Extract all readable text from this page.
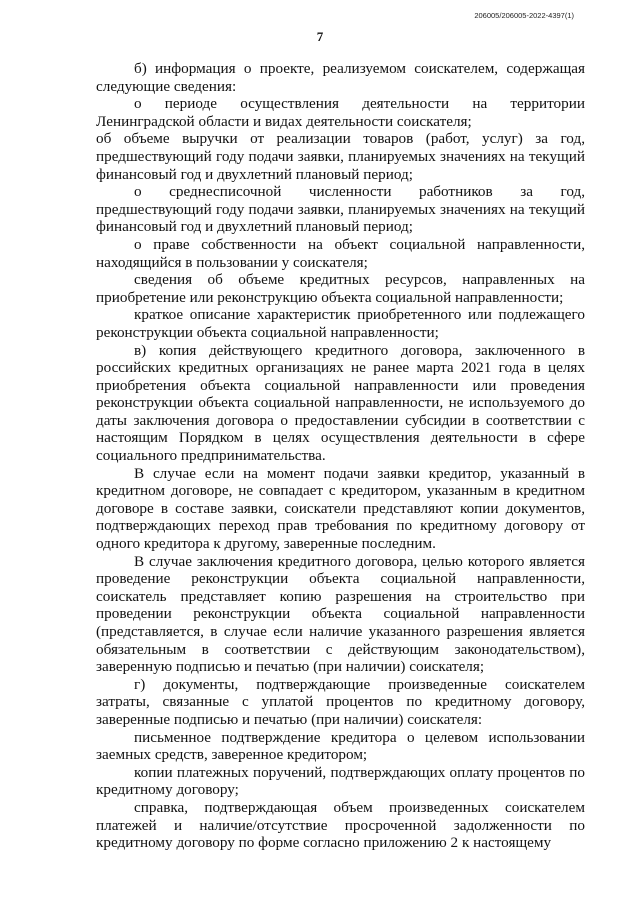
206005/206005-2022-4397(1)
7

б) информация о проекте, реализуемом соискателем, содержащая следующие сведения:

о периоде осуществления деятельности на территории Ленинградской области и видах деятельности соискателя;

об объеме выручки от реализации товаров (работ, услуг) за год, предшествующий году подачи заявки, планируемых значениях на текущий финансовый год и двухлетний плановый период;

о среднесписочной численности работников за год, предшествующий году подачи заявки, планируемых значениях на текущий финансовый год и двухлетний плановый период;

о праве собственности на объект социальной направленности, находящийся в пользовании у соискателя;

сведения об объеме кредитных ресурсов, направленных на приобретение или реконструкцию объекта социальной направленности;

краткое описание характеристик приобретенного или подлежащего реконструкции объекта социальной направленности;

в) копия действующего кредитного договора, заключенного в российских кредитных организациях не ранее марта 2021 года в целях приобретения объекта социальной направленности или проведения реконструкции объекта социальной направленности, не используемого до даты заключения договора о предоставлении субсидии в соответствии с настоящим Порядком в целях осуществления деятельности в сфере социального предпринимательства.

В случае если на момент подачи заявки кредитор, указанный в кредитном договоре, не совпадает с кредитором, указанным в кредитном договоре в составе заявки, соискатели представляют копии документов, подтверждающих переход прав требования по кредитному договору от одного кредитора к другому, заверенные последним.

В случае заключения кредитного договора, целью которого является проведение реконструкции объекта социальной направленности, соискатель представляет копию разрешения на строительство при проведении реконструкции объекта социальной направленности (представляется, в случае если наличие указанного разрешения является обязательным в соответствии с действующим законодательством), заверенную подписью и печатью (при наличии) соискателя;

г) документы, подтверждающие произведенные соискателем затраты, связанные с уплатой процентов по кредитному договору, заверенные подписью и печатью (при наличии) соискателя:

письменное подтверждение кредитора о целевом использовании заемных средств, заверенное кредитором;

копии платежных поручений, подтверждающих оплату процентов по кредитному договору;

справка, подтверждающая объем произведенных соискателем платежей и наличие/отсутствие просроченной задолженности по кредитному договору по форме согласно приложению 2 к настоящему
